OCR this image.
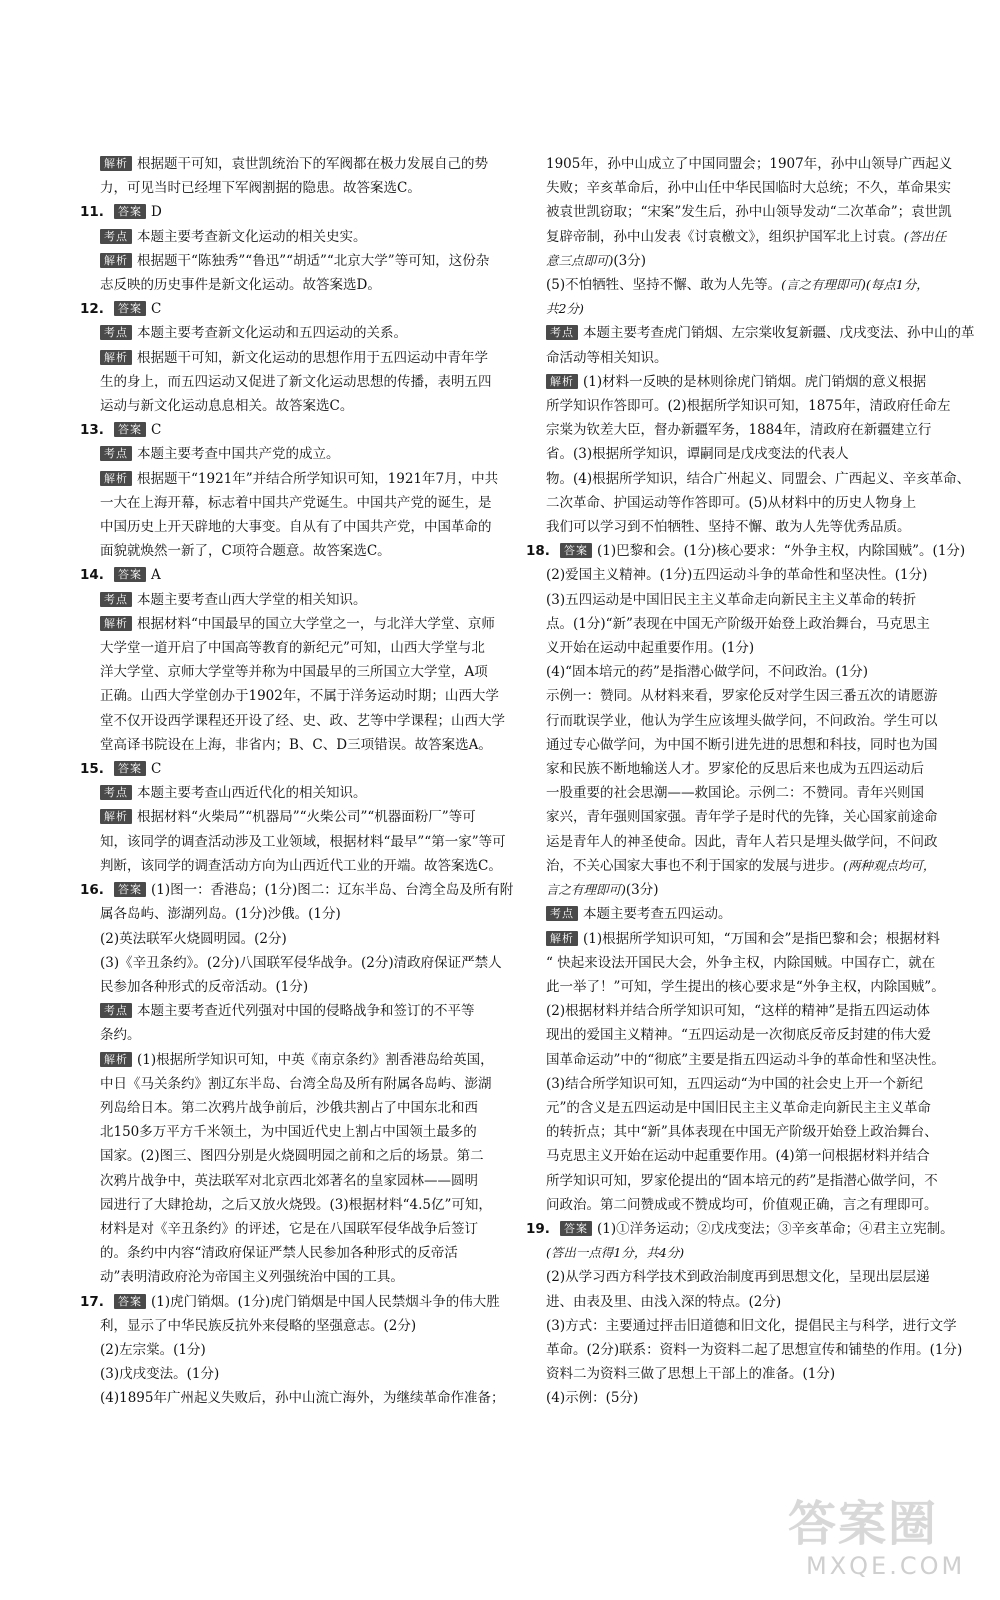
解析 根据题干可知，袁世凯统治下的军阀都在极力发展自己的势
力，可见当时已经埋下军阀割据的隐患。故答案选C。
11. 答案 D
考点 本题主要考查新文化运动的相关史实。
解析 根据题干“陈独秀”“鲁迅”“胡适”“北京大学”等可知，这份杂
志反映的历史事件是新文化运动。故答案选D。
12. 答案 C
考点 本题主要考查新文化运动和五四运动的关系。
解析 根据题干可知，新文化运动的思想作用于五四运动中青年学
生的身上，而五四运动又促进了新文化运动思想的传播，表明五四
运动与新文化运动息息相关。故答案选C。
13. 答案 C
考点 本题主要考查中国共产党的成立。
解析 根据题干“1921年”并结合所学知识可知，1921年7月，中共
一大在上海开幕，标志着中国共产党诞生。中国共产党的诞生，是
中国历史上开天辟地的大事变。自从有了中国共产党，中国革命的
面貌就焕然一新了，C项符合题意。故答案选C。
14. 答案 A
考点 本题主要考查山西大学堂的相关知识。
解析 根据材料“中国最早的国立大学堂之一，与北洋大学堂、京师
大学堂一道开启了中国高等教育的新纪元”可知，山西大学堂与北
洋大学堂、京师大学堂等并称为中国最早的三所国立大学堂，A项
正确。山西大学堂创办于1902年，不属于洋务运动时期；山西大学
堂不仅开设西学课程还开设了经、史、政、艺等中学课程；山西大学
堂高译书院设在上海，非省内；B、C、D三项错误。故答案选A。
15. 答案 C
考点 本题主要考查山西近代化的相关知识。
解析 根据材料“火柴局”“机器局”“火柴公司”“机器面粉厂”等可
知，该同学的调查活动涉及工业领域，根据材料“最早”“第一家”等可
判断，该同学的调查活动方向为山西近代工业的开端。故答案选C。
16. 答案 (1)图一：香港岛；(1分)图二：辽东半岛、台湾全岛及所有附
属各岛屿、澎湖列岛。(1分)沙俄。(1分)
(2)英法联军火烧圆明园。(2分)
(3)《辛丑条约》。(2分)八国联军侵华战争。(2分)清政府保证严禁人
民参加各种形式的反帝活动。(1分)
考点 本题主要考查近代列强对中国的侵略战争和签订的不平等
条约。
解析 (1)根据所学知识可知，中英《南京条约》割香港岛给英国，
中日《马关条约》割辽东半岛、台湾全岛及所有附属各岛屿、澎湖
列岛给日本。第二次鸦片战争前后，沙俄共割占了中国东北和西
北150多万平方千米领土，为中国近代史上割占中国领土最多的
国家。(2)图三、图四分别是火烧圆明园之前和之后的场景。第二
次鸦片战争中，英法联军对北京西北郊著名的皇家园林——圆明
园进行了大肆抢劫，之后又放火烧毁。(3)根据材料“4.5亿”可知，
材料是对《辛丑条约》的评述，它是在八国联军侵华战争后签订
的。条约中内容“清政府保证严禁人民参加各种形式的反帝活
动”表明清政府沦为帝国主义列强统治中国的工具。
17. 答案 (1)虎门销烟。(1分)虎门销烟是中国人民禁烟斗争的伟大胜
利，显示了中华民族反抗外来侵略的坚强意志。(2分)
(2)左宗棠。(1分)
(3)戊戌变法。(1分)
(4)1895年广州起义失败后，孙中山流亡海外，为继续革命作准备；
1905年，孙中山成立了中国同盟会；1907年，孙中山领导广西起义
失败；辛亥革命后，孙中山任中华民国临时大总统；不久，革命果实
被袁世凯窃取；“宋案”发生后，孙中山领导发动“二次革命”；袁世凯
复辟帝制，孙中山发表《讨袁檄文》，组织护国军北上讨袁。(答出任
意三点即可)(3分)
(5)不怕牺牲、坚持不懈、敢为人先等。(言之有理即可)(每点1分，
共2分)
考点 本题主要考查虎门销烟、左宗棠收复新疆、戊戌变法、孙中山的革
命活动等相关知识。
解析 (1)材料一反映的是林则徐虎门销烟。虎门销烟的意义根据
所学知识作答即可。(2)根据所学知识可知，1875年，清政府任命左
宗棠为钦差大臣，督办新疆军务，1884年，清政府在新疆建立行
省。(3)根据所学知识，谭嗣同是戊戌变法的代表人
物。(4)根据所学知识，结合广州起义、同盟会、广西起义、辛亥革命、
二次革命、护国运动等作答即可。(5)从材料中的历史人物身上
我们可以学习到不怕牺牲、坚持不懈、敢为人先等优秀品质。
18. 答案 (1)巴黎和会。(1分)核心要求：“外争主权，内除国贼”。(1分)
(2)爱国主义精神。(1分)五四运动斗争的革命性和坚决性。(1分)
(3)五四运动是中国旧民主主义革命走向新民主主义革命的转折
点。(1分)“新”表现在中国无产阶级开始登上政治舞台，马克思主
义开始在运动中起重要作用。(1分)
(4)“固本培元的药”是指潜心做学问，不问政治。(1分)
示例一：赞同。从材料来看，罗家伦反对学生因三番五次的请愿游
行而耽误学业，他认为学生应该埋头做学问，不问政治。学生可以
通过专心做学问，为中国不断引进先进的思想和科技，同时也为国
家和民族不断地输送人才。罗家伦的反思后来也成为五四运动后
一股重要的社会思潮——救国论。示例二：不赞同。青年兴则国
家兴，青年强则国家强。青年学子是时代的先锋，关心国家前途命
运是青年人的神圣使命。因此，青年人若只是埋头做学问，不问政
治，不关心国家大事也不利于国家的发展与进步。(两种观点均可，
言之有理即可)(3分)
考点 本题主要考查五四运动。
解析 (1)根据所学知识可知，“万国和会”是指巴黎和会；根据材料
“ 快起来设法开国民大会，外争主权，内除国贼。中国存亡，就在
此一举了！”可知，学生提出的核心要求是“外争主权，内除国贼”。
(2)根据材料并结合所学知识可知，“这样的精神”是指五四运动体
现出的爱国主义精神。“五四运动是一次彻底反帝反封建的伟大爱
国革命运动”中的“彻底”主要是指五四运动斗争的革命性和坚决性。
(3)结合所学知识可知，五四运动“为中国的社会史上开一个新纪
元”的含义是五四运动是中国旧民主主义革命走向新民主主义革命
的转折点；其中“新”具体表现在中国无产阶级开始登上政治舞台、
马克思主义开始在运动中起重要作用。(4)第一问根据材料并结合
所学知识可知，罗家伦提出的“固本培元的药”是指潜心做学问，不
问政治。第二问赞成或不赞成均可，价值观正确，言之有理即可。
19. 答案 (1)①洋务运动；②戊戌变法；③辛亥革命；④君主立宪制。
(答出一点得1分，共4分)
(2)从学习西方科学技术到政治制度再到思想文化，呈现出层层递
进、由表及里、由浅入深的特点。(2分)
(3)方式：主要通过抨击旧道德和旧文化，提倡民主与科学，进行文学
革命。(2分)联系：资料一为资料二起了思想宣传和铺垫的作用。(1分)
资料二为资料三做了思想上干部上的准备。(1分)
(4)示例：(5分)
答案圈
MXQE.COM
